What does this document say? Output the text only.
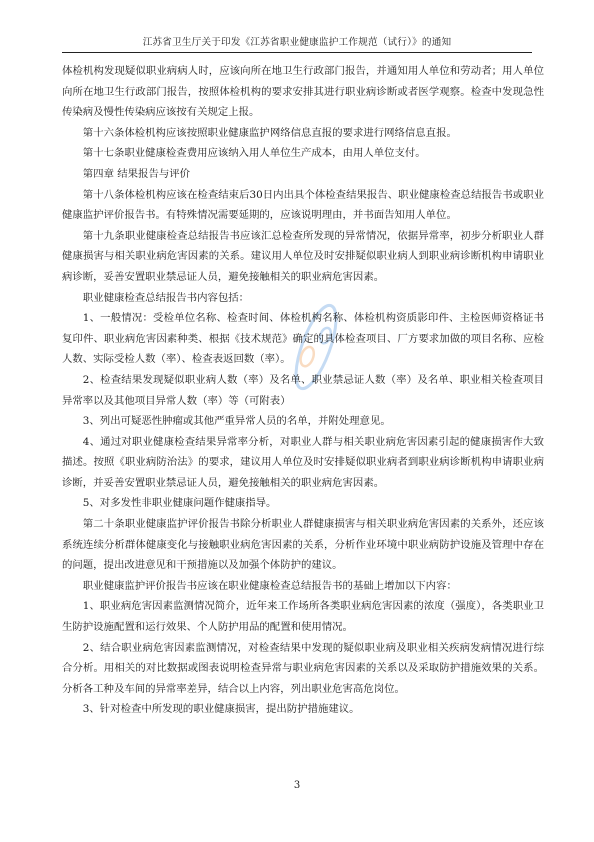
江苏省卫生厅关于印发《江苏省职业健康监护工作规范（试行）》的通知

体检机构发现疑似职业病病人时，应该向所在地卫生行政部门报告，并通知用人单位和劳动者；用人单位向所在地卫生行政部门报告，按照体检机构的要求安排其进行职业病诊断或者医学观察。检查中发现急性传染病及慢性传染病应该按有关规定上报。

第十六条体检机构应该按照职业健康监护网络信息直报的要求进行网络信息直报。

第十七条职业健康检查费用应该纳入用人单位生产成本，由用人单位支付。

第四章 结果报告与评价

第十八条体检机构应该在检查结束后30日内出具个体检查结果报告、职业健康检查总结报告书或职业健康监护评价报告书。有特殊情况需要延期的，应该说明理由，并书面告知用人单位。

第十九条职业健康检查总结报告书应该汇总检查所发现的异常情况，依据异常率，初步分析职业人群健康损害与相关职业病危害因素的关系。建议用人单位及时安排疑似职业病人到职业病诊断机构申请职业病诊断，妥善安置职业禁忌证人员，避免接触相关的职业病危害因素。

职业健康检查总结报告书内容包括：

1、一般情况：受检单位名称、检查时间、体检机构名称、体检机构资质影印件、主检医师资格证书复印件、职业病危害因素种类、根据《技术规范》确定的具体检查项目、厂方要求加做的项目名称、应检人数、实际受检人数（率）、检查表返回数（率）。

2、检查结果发现疑似职业病人数（率）及名单、职业禁忌证人数（率）及名单、职业相关检查项目异常率以及其他项目异常人数（率）等（可附表）

3、列出可疑恶性肿瘤或其他严重异常人员的名单，并附处理意见。

4、通过对职业健康检查结果异常率分析，对职业人群与相关职业病危害因素引起的健康损害作大致描述。按照《职业病防治法》的要求，建议用人单位及时安排疑似职业病者到职业病诊断机构申请职业病诊断，并妥善安置职业禁忌证人员，避免接触相关的职业病危害因素。

5、对多发性非职业健康问题作健康指导。

第二十条职业健康监护评价报告书除分析职业人群健康损害与相关职业病危害因素的关系外，还应该系统连续分析群体健康变化与接触职业病危害因素的关系，分析作业环境中职业病防护设施及管理中存在的问题，提出改进意见和干预措施以及加强个体防护的建议。

职业健康监护评价报告书应该在职业健康检查总结报告书的基础上增加以下内容：

1、职业病危害因素监测情况简介，近年来工作场所各类职业病危害因素的浓度（强度），各类职业卫生防护设施配置和运行效果、个人防护用品的配置和使用情况。

2、结合职业病危害因素监测情况，对检查结果中发现的疑似职业病及职业相关疾病发病情况进行综合分析。用相关的对比数据或图表说明检查异常与职业病危害因素的关系以及采取防护措施效果的关系。分析各工种及车间的异常率差异，结合以上内容，列出职业危害高危岗位。

3、针对检查中所发现的职业健康损害，提出防护措施建议。

3
